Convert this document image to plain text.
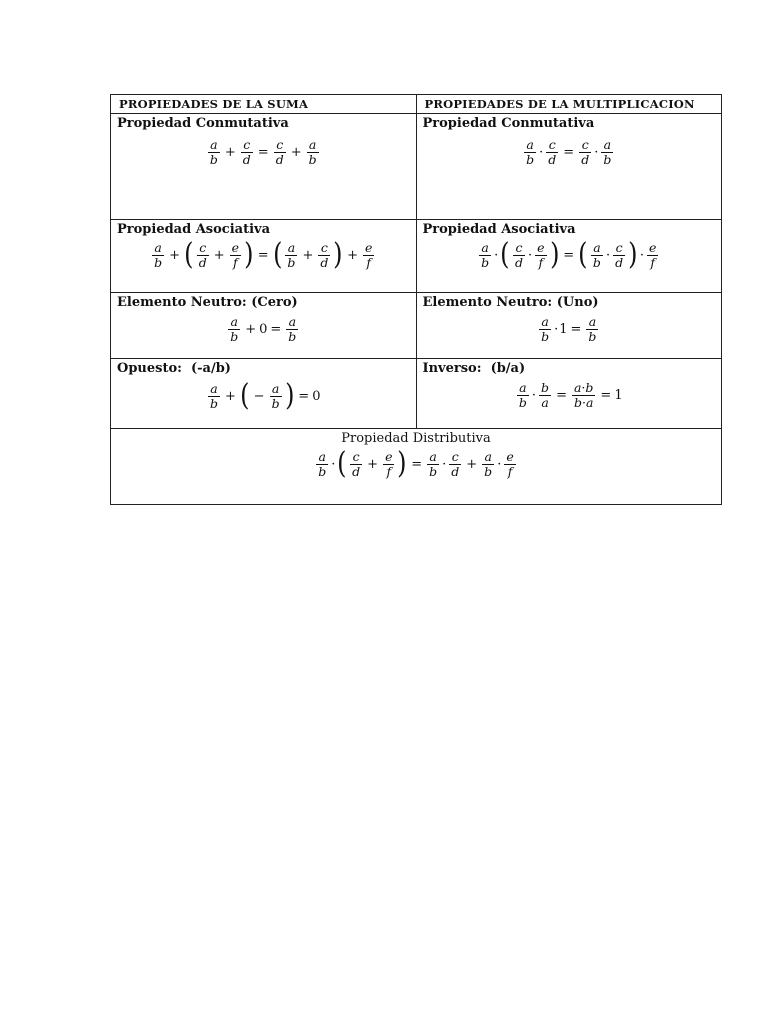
PROPIEDADES DE LA SUMA	PROPIEDADES DE LA MULTIPLICACION
Propiedad Conmutativa
$\frac{a}{b} + \frac{c}{d} = \frac{c}{d} + \frac{a}{b}$
Propiedad Conmutativa
$\frac{a}{b} \cdot \frac{c}{d} = \frac{c}{d} \cdot \frac{a}{b}$
Propiedad Asociativa
$\frac{a}{b}$ + ( $\frac{c}{d} + \frac{e}{f}$ ) = ( $\frac{a}{b} + \frac{c}{d}$ ) + $\frac{e}{f}$
Propiedad Asociativa
$\frac{a}{b}$ · ( $\frac{c}{d} \cdot \frac{e}{f}$ ) = ( $\frac{a}{b} \cdot \frac{c}{d}$ ) · $\frac{e}{f}$
Elemento Neutro: (Cero)
$\frac{a}{b} + 0 = \frac{a}{b}$
Elemento Neutro: (Uno)
$\frac{a}{b} \cdot 1 = \frac{a}{b}$
Opuesto: (-a/b)
$\frac{a}{b}$ + ( − $\frac{a}{b}$ ) = 0
Inverso: (b/a)
$\frac{a}{b} \cdot \frac{b}{a} = \frac{a\cdot b}{b\cdot a} = 1$
Propiedad Distributiva
$\frac{a}{b}$ · ( $\frac{c}{d} + \frac{e}{f}$ ) = $\frac{a}{b} \cdot \frac{c}{d} + \frac{a}{b} \cdot \frac{e}{f}$
